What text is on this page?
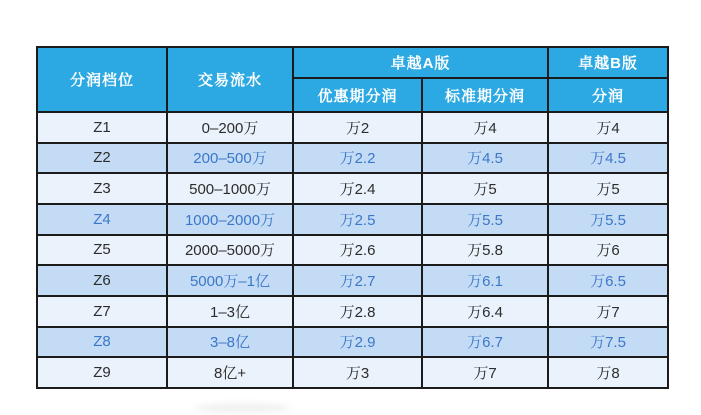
分润档位	交易流水	卓越A版		卓越B版
		优惠期分润	标准期分润	分润
Z1	0–200万	万2	万4	万4
Z2	200–500万	万2.2	万4.5	万4.5
Z3	500–1000万	万2.4	万5	万5
Z4	1000–2000万	万2.5	万5.5	万5.5
Z5	2000–5000万	万2.6	万5.8	万6
Z6	5000万–1亿	万2.7	万6.1	万6.5
Z7	1–3亿	万2.8	万6.4	万7
Z8	3–8亿	万2.9	万6.7	万7.5
Z9	8亿+	万3	万7	万8
